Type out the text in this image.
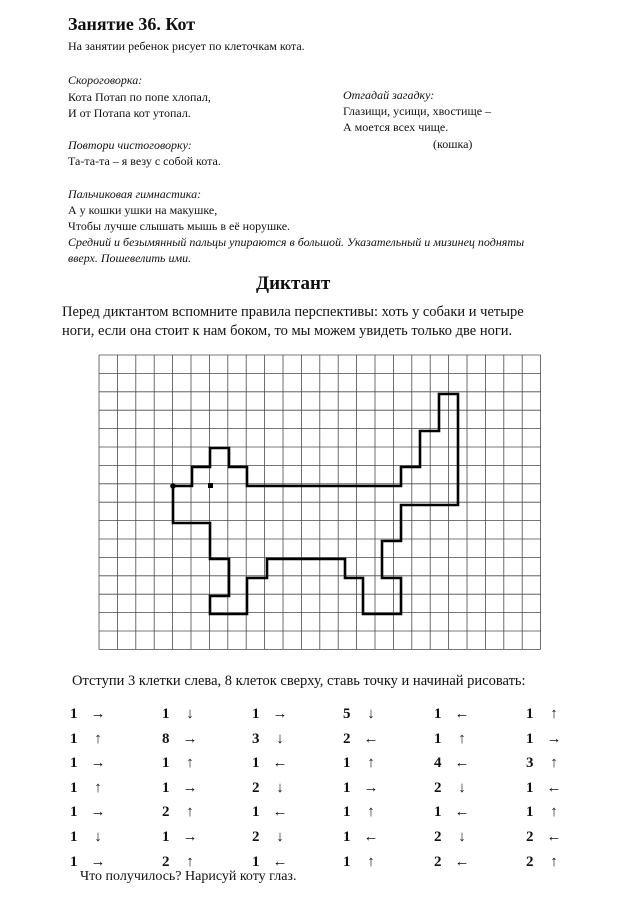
Занятие 36. Кот
На занятии ребенок рисует по клеточкам кота.
Скороговорка:
Кота Потап по попе хлопал,
И от Потапа кот утопал.
Отгадай загадку:
Глазищи, усищи, хвостище –
А моется всех чище.
(кошка)
Повтори чистоговорку:
Та-та-та – я везу с собой кота.
Пальчиковая гимнастика:
А у кошки ушки на макушке,
Чтобы лучше слышать мышь в её норушке.
Средний и безымянный пальцы упираются в большой. Указательный и мизинец подняты
вверх. Пошевелить ими.
Диктант
Перед диктантом вспомните правила перспективы: хоть у собаки и четыре
ноги, если она стоит к нам боком, то мы можем увидеть только две ноги.
Отступи 3 клетки слева, 8 клеток сверху, ставь точку и начинай рисовать:
1 →
1 ↑
1 →
1 ↑
1 →
1 ↓
1 →
1 ↓
8 →
1 ↑
1 →
2 ↑
1 →
2 ↑
1 →
3 ↓
1 ←
2 ↓
1 ←
2 ↓
1 ←
5 ↓
2 ←
1 ↑
1 →
1 ↑
1 ←
1 ↑
1 ←
1 ↑
4 ←
2 ↓
1 ←
2 ↓
2 ←
1 ↑
1 →
3 ↑
1 ←
1 ↑
2 ←
2 ↑
Что получилось? Нарисуй коту глаз.
